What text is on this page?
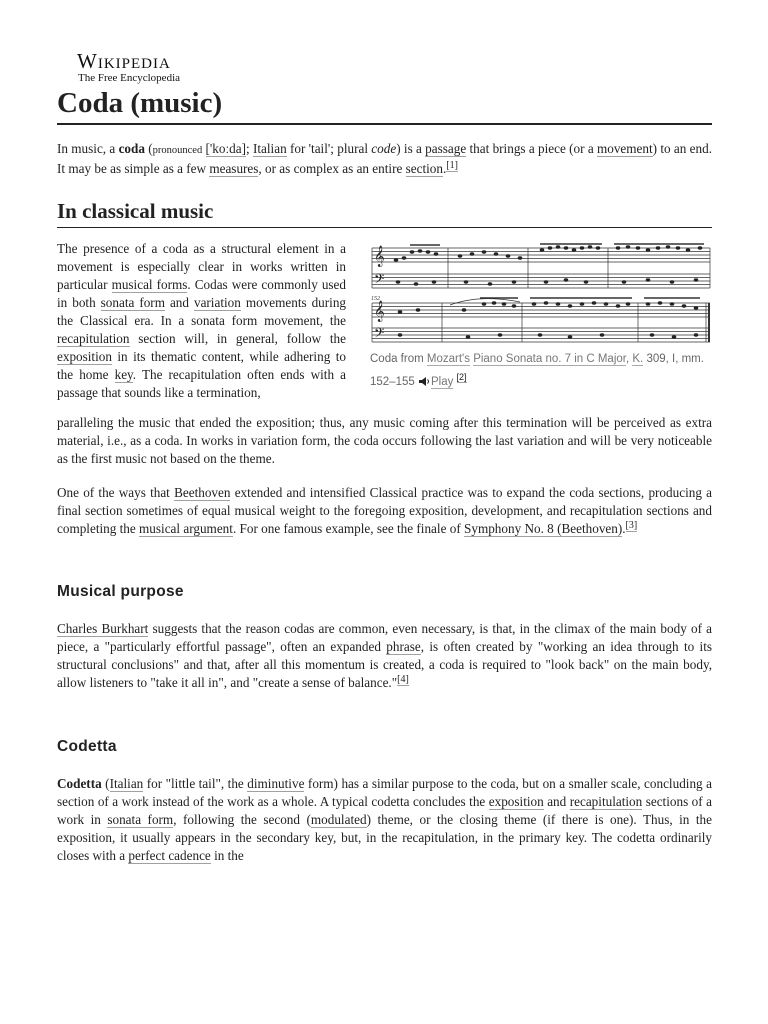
Wikipedia
The Free Encyclopedia
Coda (music)

In music, a coda (pronounced ['koːda]; Italian for 'tail'; plural code) is a passage that brings a piece (or a movement) to an end. It may be as simple as a few measures, or as complex as an entire section.[1]

In classical music
𝄞
𝄢
𝄞
𝄢
152
Coda from Mozart's Piano Sonata no. 7 in C Major, K. 309, I, mm. 152–155
Play [2]

The presence of a coda as a structural element in a movement is especially clear in works written in particular musical forms. Codas were commonly used in both sonata form and variation movements during the Classical era. In a sonata form movement, the recapitulation section will, in general, follow the exposition in its thematic content, while adhering to the home key. The recapitulation often ends with a passage that sounds like a termination,

paralleling the music that ended the exposition; thus, any music coming after this termination will be perceived as extra material, i.e., as a coda. In works in variation form, the coda occurs following the last variation and will be very noticeable as the first music not based on the theme.

One of the ways that Beethoven extended and intensified Classical practice was to expand the coda sections, producing a final section sometimes of equal musical weight to the foregoing exposition, development, and recapitulation sections and completing the musical argument. For one famous example, see the finale of Symphony No. 8 (Beethoven).[3]

Musical purpose

Charles Burkhart suggests that the reason codas are common, even necessary, is that, in the climax of the main body of a piece, a "particularly effortful passage", often an expanded phrase, is often created by "working an idea through to its structural conclusions" and that, after all this momentum is created, a coda is required to "look back" on the main body, allow listeners to "take it all in", and "create a sense of balance."[4]

Codetta

Codetta (Italian for "little tail", the diminutive form) has a similar purpose to the coda, but on a smaller scale, concluding a section of a work instead of the work as a whole. A typical codetta concludes the exposition and recapitulation sections of a work in sonata form, following the second (modulated) theme, or the closing theme (if there is one). Thus, in the exposition, it usually appears in the secondary key, but, in the recapitulation, in the primary key. The codetta ordinarily closes with a perfect cadence in the
